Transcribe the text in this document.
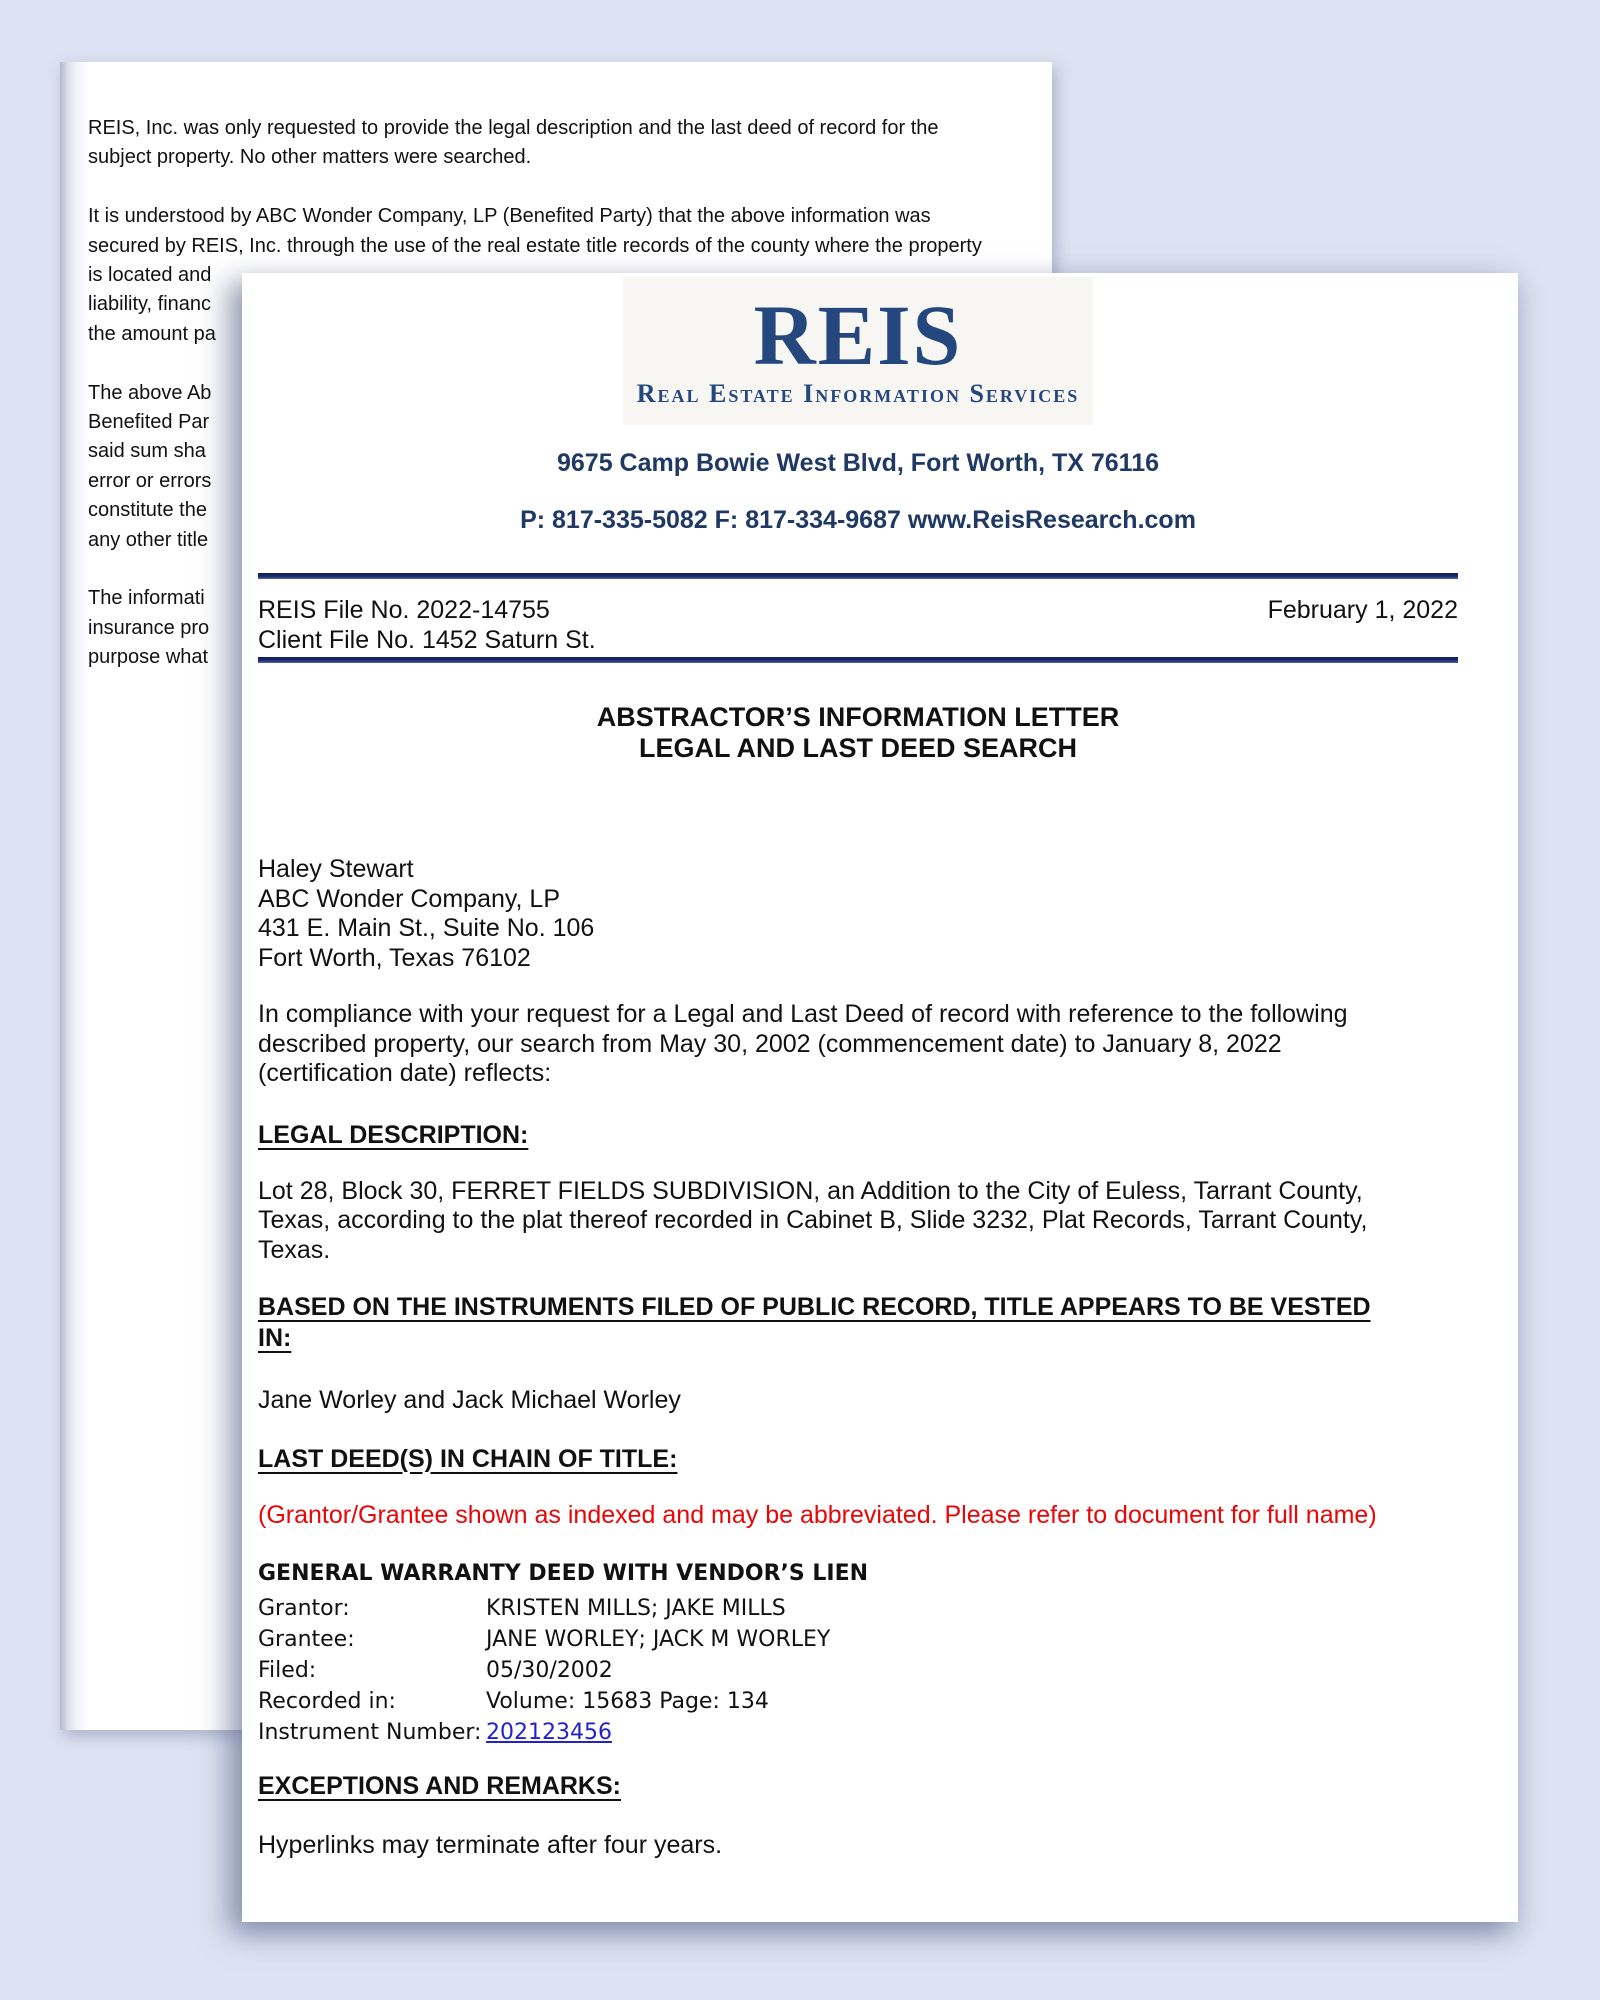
REIS, Inc. was only requested to provide the legal description and the last deed of record for the
subject property. No other matters were searched.
It is understood by ABC Wonder Company, LP (Benefited Party) that the above information was
secured by REIS, Inc. through the use of the real estate title records of the county where the property
is located and
liability, financ
the amount pa
The above Ab
Benefited Par
said sum sha
error or errors
constitute the
any other title
The informati
insurance pro
purpose what
REIS
Real Estate Information Services
9675 Camp Bowie West Blvd, Fort Worth, TX 76116
P: 817-335-5082 F: 817-334-9687 www.ReisResearch.com
REIS File No. 2022-14755
Client File No. 1452 Saturn St.
February 1, 2022
ABSTRACTOR’S INFORMATION LETTER
LEGAL AND LAST DEED SEARCH
Haley Stewart
ABC Wonder Company, LP
431 E. Main St., Suite No. 106
Fort Worth, Texas 76102
In compliance with your request for a Legal and Last Deed of record with reference to the following
described property, our search from May 30, 2002 (commencement date) to January 8, 2022
(certification date) reflects:
LEGAL DESCRIPTION:
Lot 28, Block 30, FERRET FIELDS SUBDIVISION, an Addition to the City of Euless, Tarrant County,
Texas, according to the plat thereof recorded in Cabinet B, Slide 3232, Plat Records, Tarrant County,
Texas.
BASED ON THE INSTRUMENTS FILED OF PUBLIC RECORD, TITLE APPEARS TO BE VESTED
IN:
Jane Worley and Jack Michael Worley
LAST DEED(S) IN CHAIN OF TITLE:
(Grantor/Grantee shown as indexed and may be abbreviated. Please refer to document for full name)
GENERAL WARRANTY DEED WITH VENDOR’S LIEN
Grantor:	KRISTEN MILLS; JAKE MILLS
Grantee:	JANE WORLEY; JACK M WORLEY
Filed:	05/30/2002
Recorded in:	Volume: 15683 Page: 134
Instrument Number: 202123456
EXCEPTIONS AND REMARKS:
Hyperlinks may terminate after four years.
